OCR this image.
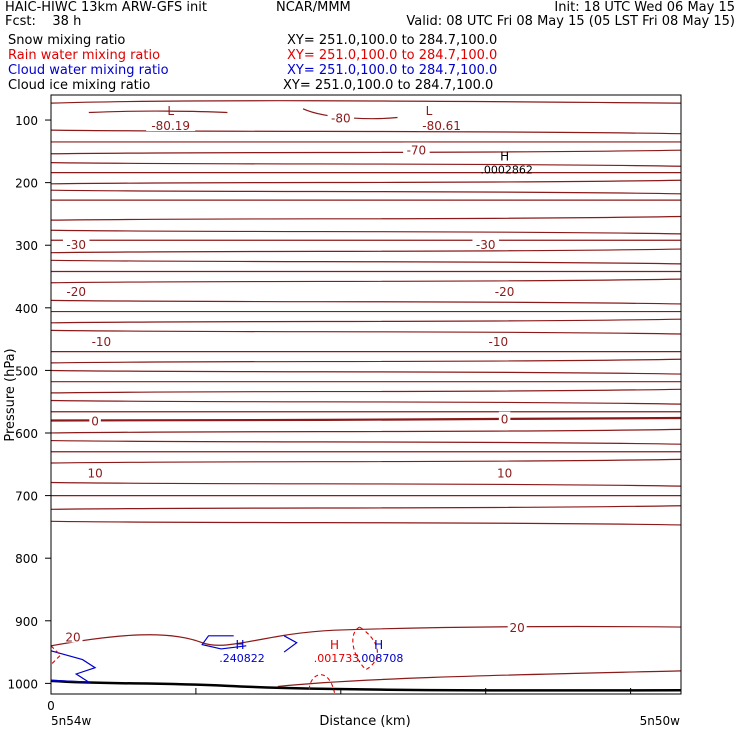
HAIC-HIWC 13km ARW-GFS init	NCAR/MMM	Init: 18 UTC Wed 06 May 15
Fcst:    38 h	Valid: 08 UTC Fri 08 May 15 (05 LST Fri 08 May 15)
Snow mixing ratio	XY= 251.0,100.0 to 284.7,100.0
Rain water mixing ratio	XY= 251.0,100.0 to 284.7,100.0
Cloud water mixing ratio	XY= 251.0,100.0 to 284.7,100.0
Cloud ice mixing ratio	XY= 251.0,100.0 to 284.7,100.0
-80.19
-80
-80.61
-70
-30	-30
-20	-20
-10	-10
0	0
10	10
20
20
L	L
H
.0002862
H
.240822
H
.001733
H
.008708
100
200
300
400
500
600
700
800
900
1000
Pressure (hPa)
Distance (km)
0
5n54w	5n50w
